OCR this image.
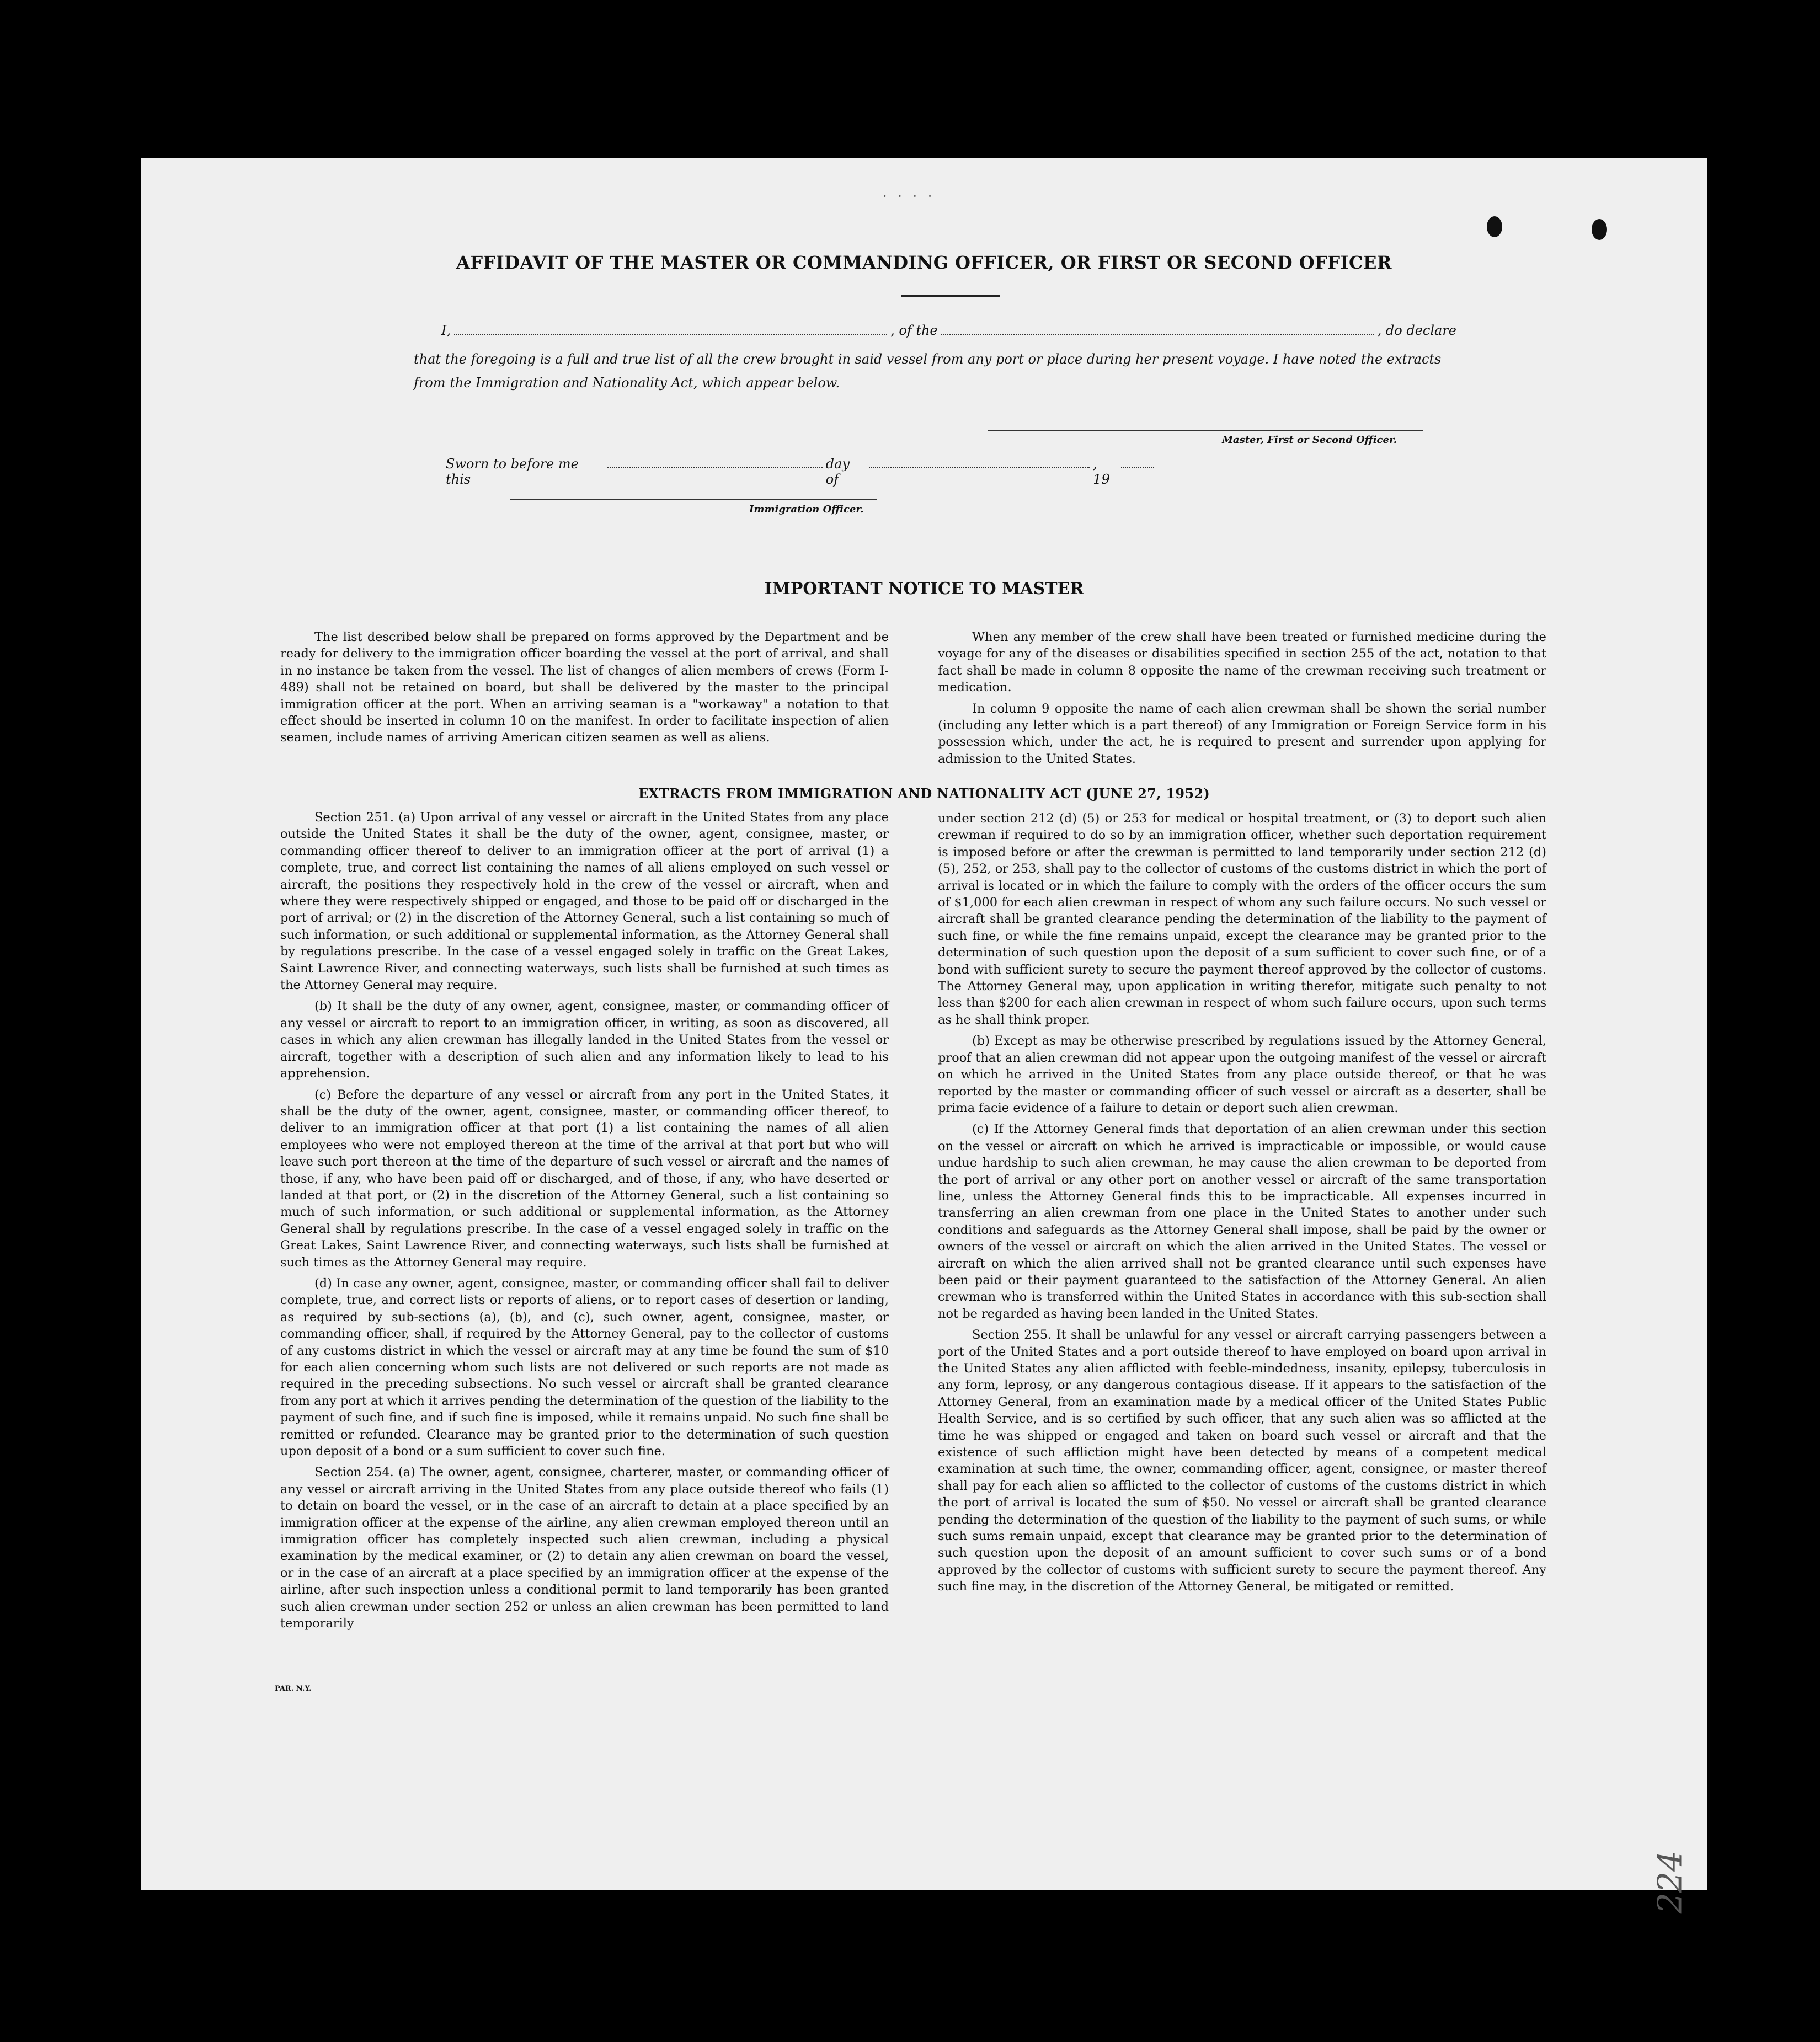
· · · ·
AFFIDAVIT OF THE MASTER OR COMMANDING OFFICER, OR FIRST OR SECOND OFFICER
I,	, of the	, do declare
that the foregoing is a full and true list of all the crew brought in said vessel from any port or place during her present voyage. I have noted the extracts from the Immigration and Nationality Act, which appear below.
Master, First or Second Officer.
Sworn to before me this
day of
, 19
Immigration Officer.
IMPORTANT NOTICE TO MASTER

The list described below shall be prepared on forms approved by the Department and be ready for delivery to the immigration officer boarding the vessel at the port of arrival, and shall in no instance be taken from the vessel. The list of changes of alien members of crews (Form I-489) shall not be retained on board, but shall be delivered by the master to the principal immigration officer at the port. When an arriving seaman is a "workaway" a notation to that effect should be inserted in column 10 on the manifest. In order to facilitate inspection of alien seamen, include names of arriving American citizen seamen as well as aliens.

When any member of the crew shall have been treated or furnished medicine during the voyage for any of the diseases or disabilities specified in section 255 of the act, notation to that fact shall be made in column 8 opposite the name of the crewman receiving such treatment or medication.

In column 9 opposite the name of each alien crewman shall be shown the serial number (including any letter which is a part thereof) of any Immigration or Foreign Service form in his possession which, under the act, he is required to present and surrender upon applying for admission to the United States.

EXTRACTS FROM IMMIGRATION AND NATIONALITY ACT (JUNE 27, 1952)

Section 251. (a) Upon arrival of any vessel or aircraft in the United States from any place outside the United States it shall be the duty of the owner, agent, consignee, master, or commanding officer thereof to deliver to an immigration officer at the port of arrival (1) a complete, true, and correct list containing the names of all aliens employed on such vessel or aircraft, the positions they respectively hold in the crew of the vessel or aircraft, when and where they were respectively shipped or engaged, and those to be paid off or discharged in the port of arrival; or (2) in the discretion of the Attorney General, such a list containing so much of such information, or such additional or supplemental information, as the Attorney General shall by regulations prescribe. In the case of a vessel engaged solely in traffic on the Great Lakes, Saint Lawrence River, and connecting waterways, such lists shall be furnished at such times as the Attorney General may require.

(b) It shall be the duty of any owner, agent, consignee, master, or commanding officer of any vessel or aircraft to report to an immigration officer, in writing, as soon as discovered, all cases in which any alien crewman has illegally landed in the United States from the vessel or aircraft, together with a description of such alien and any information likely to lead to his apprehension.

(c) Before the departure of any vessel or aircraft from any port in the United States, it shall be the duty of the owner, agent, consignee, master, or commanding officer thereof, to deliver to an immigration officer at that port (1) a list containing the names of all alien employees who were not employed thereon at the time of the arrival at that port but who will leave such port thereon at the time of the departure of such vessel or aircraft and the names of those, if any, who have been paid off or discharged, and of those, if any, who have deserted or landed at that port, or (2) in the discretion of the Attorney General, such a list containing so much of such information, or such additional or supplemental information, as the Attorney General shall by regulations prescribe. In the case of a vessel engaged solely in traffic on the Great Lakes, Saint Lawrence River, and connecting waterways, such lists shall be furnished at such times as the Attorney General may require.

(d) In case any owner, agent, consignee, master, or commanding officer shall fail to deliver complete, true, and correct lists or reports of aliens, or to report cases of desertion or landing, as required by sub-sections (a), (b), and (c), such owner, agent, consignee, master, or commanding officer, shall, if required by the Attorney General, pay to the collector of customs of any customs district in which the vessel or aircraft may at any time be found the sum of $10 for each alien concerning whom such lists are not delivered or such reports are not made as required in the preceding subsections. No such vessel or aircraft shall be granted clearance from any port at which it arrives pending the determination of the question of the liability to the payment of such fine, and if such fine is imposed, while it remains unpaid. No such fine shall be remitted or refunded. Clearance may be granted prior to the determination of such question upon deposit of a bond or a sum sufficient to cover such fine.

Section 254. (a) The owner, agent, consignee, charterer, master, or commanding officer of any vessel or aircraft arriving in the United States from any place outside thereof who fails (1) to detain on board the vessel, or in the case of an aircraft to detain at a place specified by an immigration officer at the expense of the airline, any alien crewman employed thereon until an immigration officer has completely inspected such alien crewman, including a physical examination by the medical examiner, or (2) to detain any alien crewman on board the vessel, or in the case of an aircraft at a place specified by an immigration officer at the expense of the airline, after such inspection unless a conditional permit to land temporarily has been granted such alien crewman under section 252 or unless an alien crewman has been permitted to land temporarily

under section 212 (d) (5) or 253 for medical or hospital treatment, or (3) to deport such alien crewman if required to do so by an immigration officer, whether such deportation requirement is imposed before or after the crewman is permitted to land temporarily under section 212 (d) (5), 252, or 253, shall pay to the collector of customs of the customs district in which the port of arrival is located or in which the failure to comply with the orders of the officer occurs the sum of $1,000 for each alien crewman in respect of whom any such failure occurs. No such vessel or aircraft shall be granted clearance pending the determination of the liability to the payment of such fine, or while the fine remains unpaid, except the clearance may be granted prior to the determination of such question upon the deposit of a sum sufficient to cover such fine, or of a bond with sufficient surety to secure the payment thereof approved by the collector of customs. The Attorney General may, upon application in writing therefor, mitigate such penalty to not less than $200 for each alien crewman in respect of whom such failure occurs, upon such terms as he shall think proper.

(b) Except as may be otherwise prescribed by regulations issued by the Attorney General, proof that an alien crewman did not appear upon the outgoing manifest of the vessel or aircraft on which he arrived in the United States from any place outside thereof, or that he was reported by the master or commanding officer of such vessel or aircraft as a deserter, shall be prima facie evidence of a failure to detain or deport such alien crewman.

(c) If the Attorney General finds that deportation of an alien crewman under this section on the vessel or aircraft on which he arrived is impracticable or impossible, or would cause undue hardship to such alien crewman, he may cause the alien crewman to be deported from the port of arrival or any other port on another vessel or aircraft of the same transportation line, unless the Attorney General finds this to be impracticable. All expenses incurred in transferring an alien crewman from one place in the United States to another under such conditions and safeguards as the Attorney General shall impose, shall be paid by the owner or owners of the vessel or aircraft on which the alien arrived in the United States. The vessel or aircraft on which the alien arrived shall not be granted clearance until such expenses have been paid or their payment guaranteed to the satisfaction of the Attorney General. An alien crewman who is transferred within the United States in accordance with this sub-section shall not be regarded as having been landed in the United States.

Section 255. It shall be unlawful for any vessel or aircraft carrying passengers between a port of the United States and a port outside thereof to have employed on board upon arrival in the United States any alien afflicted with feeble-mindedness, insanity, epilepsy, tuberculosis in any form, leprosy, or any dangerous contagious disease. If it appears to the satisfaction of the Attorney General, from an examination made by a medical officer of the United States Public Health Service, and is so certified by such officer, that any such alien was so afflicted at the time he was shipped or engaged and taken on board such vessel or aircraft and that the existence of such affliction might have been detected by means of a competent medical examination at such time, the owner, commanding officer, agent, consignee, or master thereof shall pay for each alien so afflicted to the collector of customs of the customs district in which the port of arrival is located the sum of $50. No vessel or aircraft shall be granted clearance pending the determination of the question of the liability to the payment of such sums, or while such sums remain unpaid, except that clearance may be granted prior to the determination of such question upon the deposit of an amount sufficient to cover such sums or of a bond approved by the collector of customs with sufficient surety to secure the payment thereof. Any such fine may, in the discretion of the Attorney General, be mitigated or remitted.

PAR. N.Y.
224
